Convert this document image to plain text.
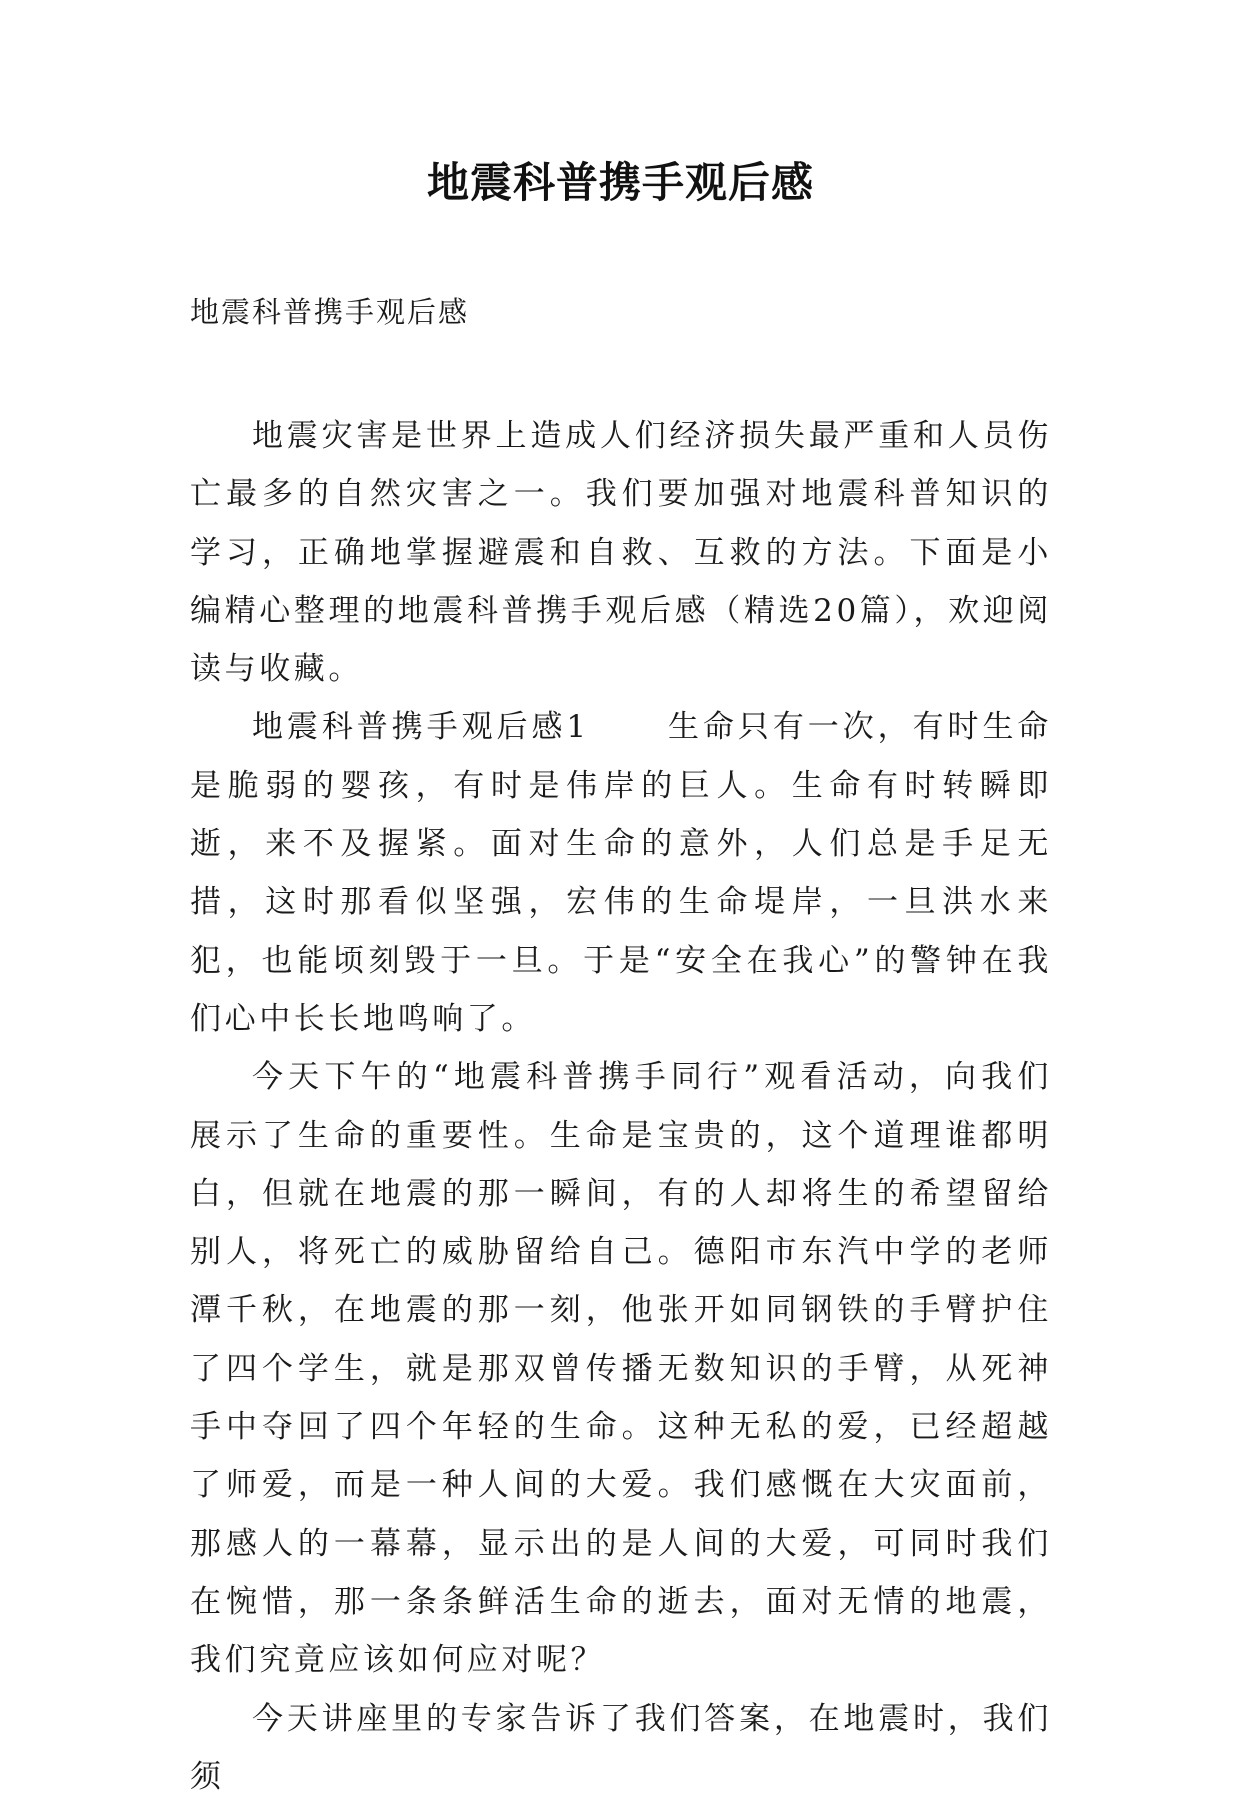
地震科普携手观后感
地震科普携手观后感

地震灾害是世界上造成人们经济损失最严重和人员伤亡最多的自然灾害之一。我们要加强对地震科普知识的学习，正确地掌握避震和自救、互救的方法。下面是小编精心整理的地震科普携手观后感（精选20篇），欢迎阅读与收藏。

地震科普携手观后感1	生命只有一次，有时生命是脆弱的婴孩，有时是伟岸的巨人。生命有时转瞬即逝，来不及握紧。面对生命的意外，人们总是手足无措，这时那看似坚强，宏伟的生命堤岸，一旦洪水来犯，也能顷刻毁于一旦。于是“安全在我心”的警钟在我们心中长长地鸣响了。

今天下午的“地震科普携手同行”观看活动，向我们展示了生命的重要性。生命是宝贵的，这个道理谁都明白，但就在地震的那一瞬间，有的人却将生的希望留给别人，将死亡的威胁留给自己。德阳市东汽中学的老师潭千秋，在地震的那一刻，他张开如同钢铁的手臂护住了四个学生，就是那双曾传播无数知识的手臂，从死神手中夺回了四个年轻的生命。这种无私的爱，已经超越了师爱，而是一种人间的大爱。我们感慨在大灾面前，那感人的一幕幕，显示出的是人间的大爱，可同时我们在惋惜，那一条条鲜活生命的逝去，面对无情的地震，我们究竟应该如何应对呢？

今天讲座里的专家告诉了我们答案，在地震时，我们须
